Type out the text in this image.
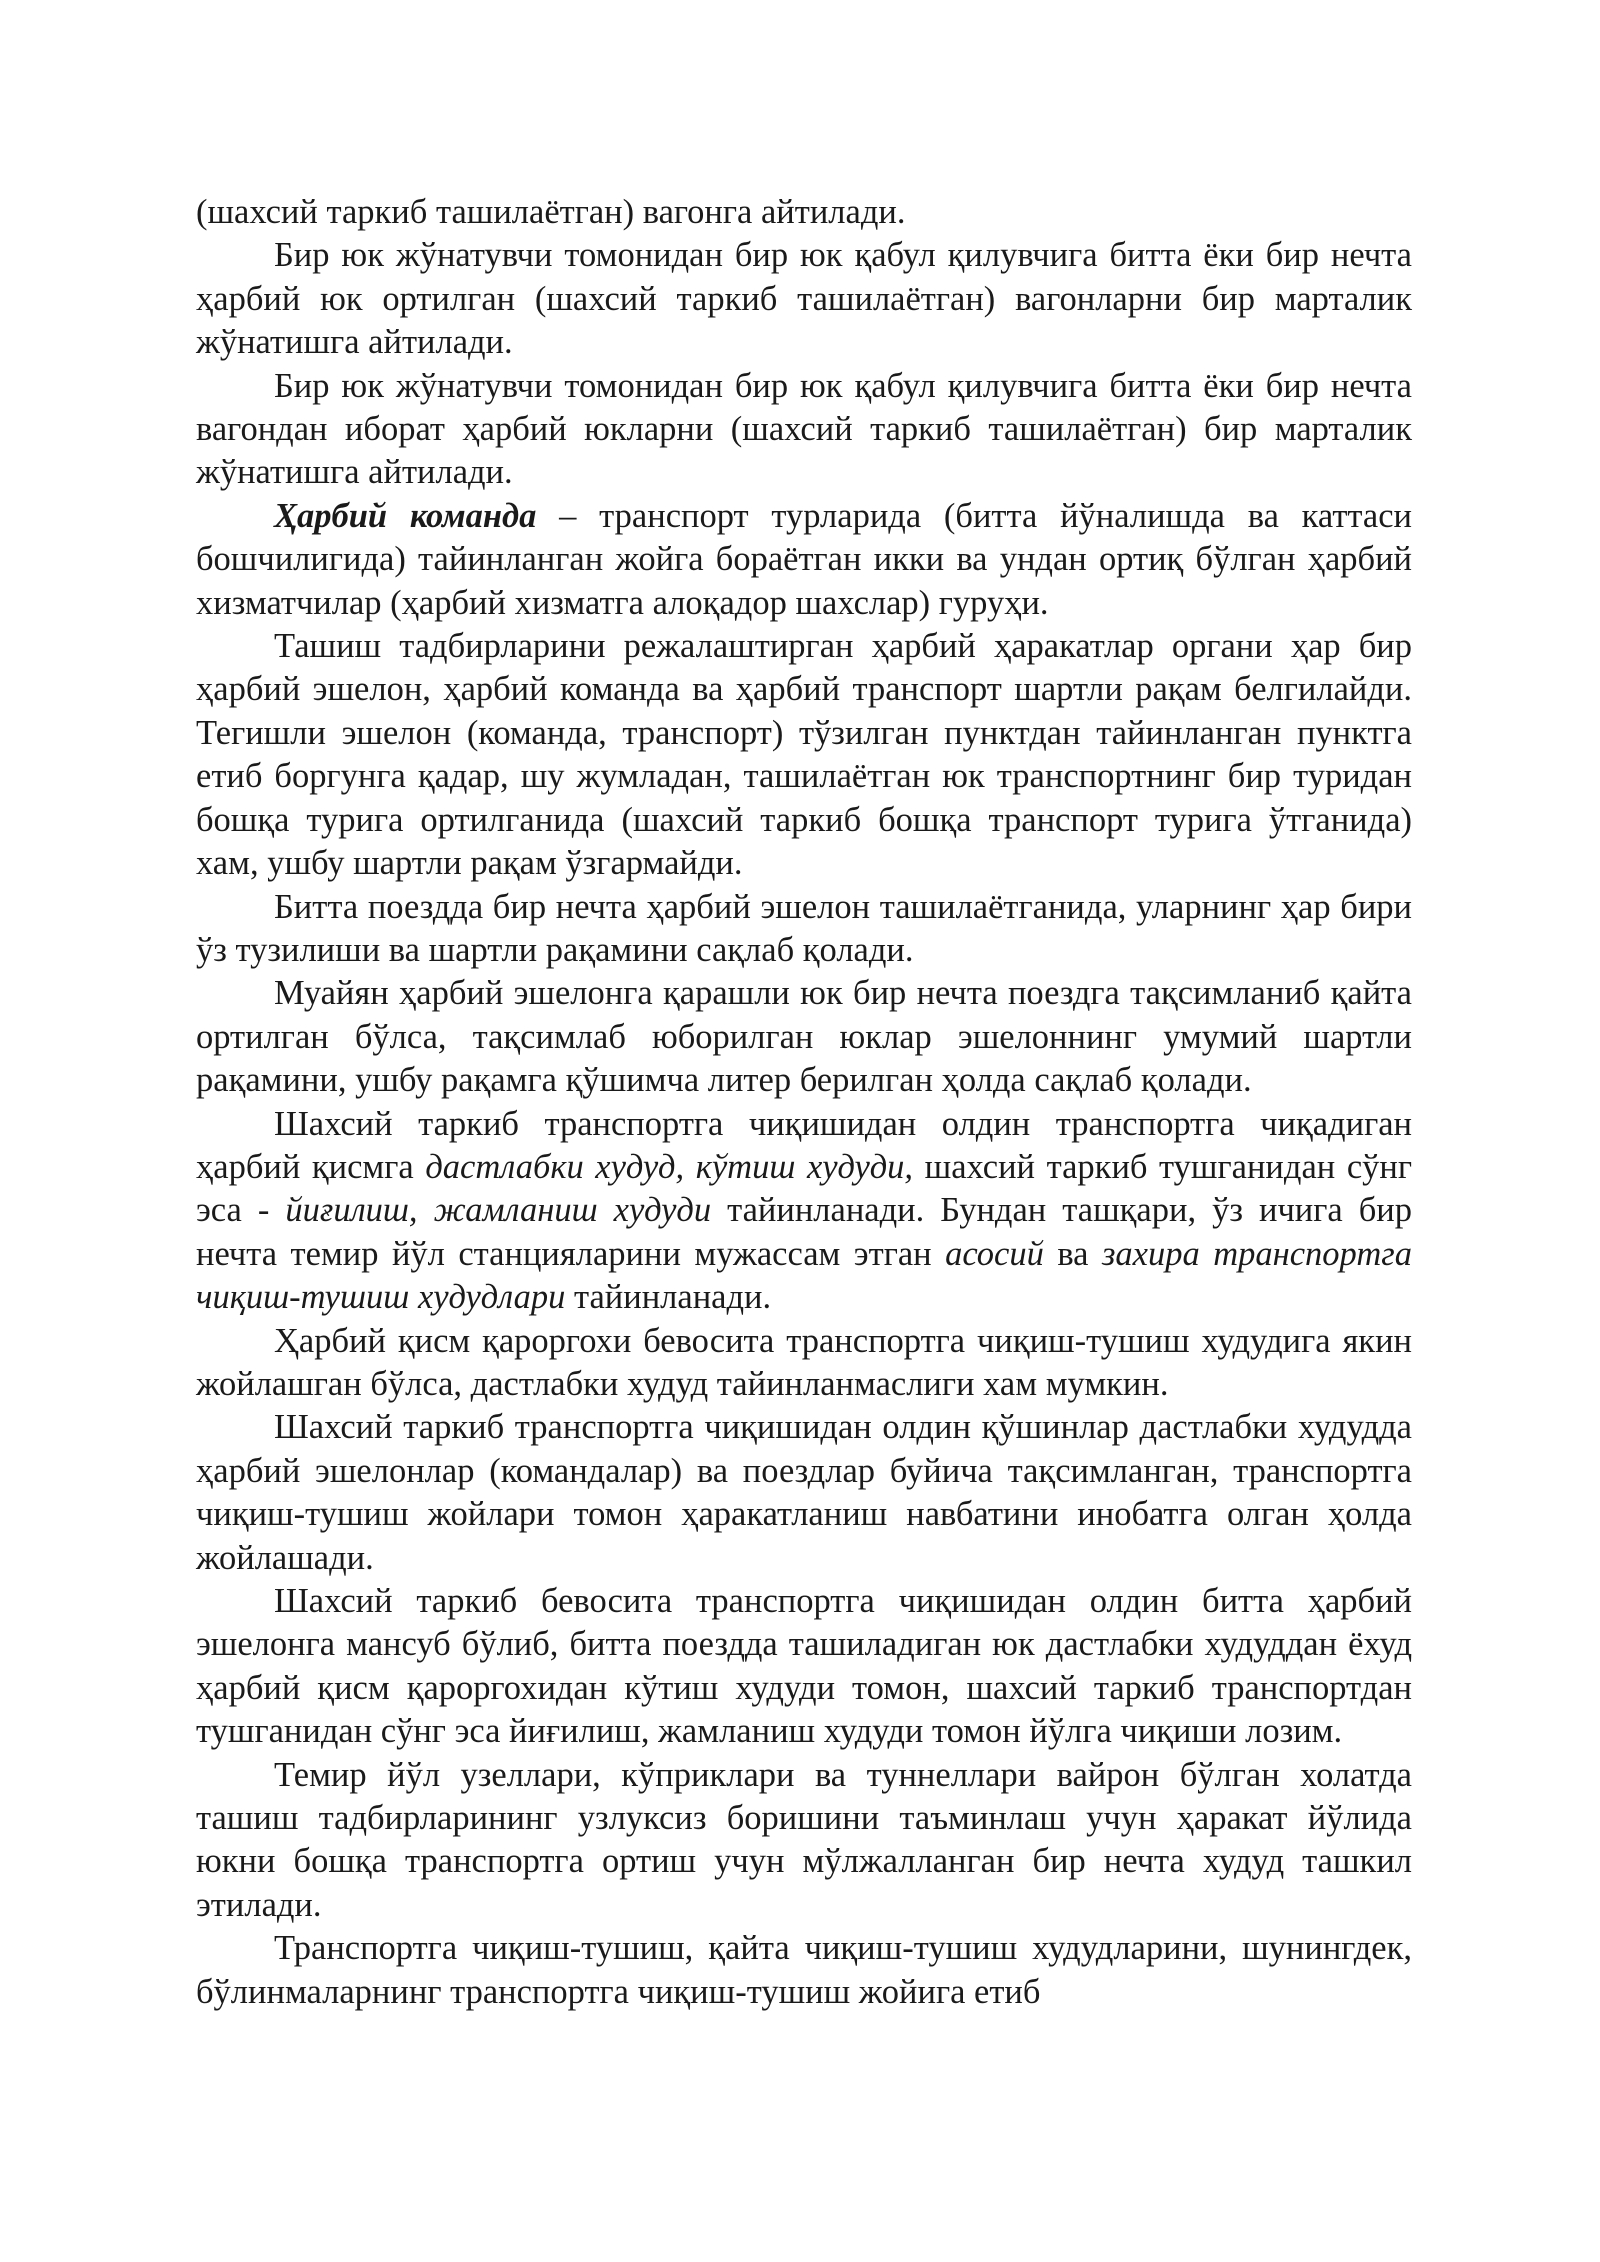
(шахсий таркиб ташилаётган) вагонга айтилади.

Бир юк жўнатувчи томонидан бир юк қабул қилувчига битта ёки бир нечта ҳарбий юк ортилган (шахсий таркиб ташилаётган) вагонларни бир марталик жўнатишга айтилади.

Бир юк жўнатувчи томонидан бир юк қабул қилувчига битта ёки бир нечта вагондан иборат ҳарбий юкларни (шахсий таркиб ташилаётган) бир марталик жўнатишга айтилади.

Ҳарбий команда – транспорт турларида (битта йўналишда ва каттаси бошчилигида) тайинланган жойга бораётган икки ва ундан ортиқ бўлган ҳарбий хизматчилар (ҳарбий хизматга алоқадор шахслар) гуруҳи.

Ташиш тадбирларини режалаштирган ҳарбий ҳаракатлар органи ҳар бир ҳарбий эшелон, ҳарбий команда ва ҳарбий транспорт шартли рақам белгилайди. Тегишли эшелон (команда, транспорт) тўзилган пунктдан тайинланган пунктга етиб боргунга қадар, шу жумладан, ташилаётган юк транспортнинг бир туридан бошқа турига ортилганида (шахсий таркиб бошқа транспорт турига ўтганида) хам, ушбу шартли рақам ўзгармайди.

Битта поездда бир нечта ҳарбий эшелон ташилаётганида, уларнинг ҳар бири ўз тузилиши ва шартли рақамини сақлаб қолади.

Муайян ҳарбий эшелонга қарашли юк бир нечта поездга тақсимланиб қайта ортилган бўлса, тақсимлаб юборилган юклар эшелоннинг умумий шартли рақамини, ушбу рақамга қўшимча литер берилган ҳолда сақлаб қолади.

Шахсий таркиб транспортга чиқишидан олдин транспортга чиқадиган ҳарбий қисмга дастлабки худуд, кўтиш худуди, шахсий таркиб тушганидан сўнг эса - йиғилиш, жамланиш худуди тайинланади. Бундан ташқари, ўз ичига бир нечта темир йўл станцияларини мужассам этган асосий ва захира транспортга чиқиш-тушиш худудлари тайинланади.

Ҳарбий қисм қароргохи бевосита транспортга чиқиш-тушиш худудига якин жойлашган бўлса, дастлабки худуд тайинланмаслиги хам мумкин.

Шахсий таркиб транспортга чиқишидан олдин қўшинлар дастлабки худудда ҳарбий эшелонлар (командалар) ва поездлар буйича тақсимланган, транспортга чиқиш-тушиш жойлари томон ҳаракатланиш навбатини инобатга олган ҳолда жойлашади.

Шахсий таркиб бевосита транспортга чиқишидан олдин битта ҳарбий эшелонга мансуб бўлиб, битта поездда ташиладиган юк дастлабки худуддан ёхуд ҳарбий қисм қароргохидан кўтиш худуди томон, шахсий таркиб транспортдан тушганидан сўнг эса йиғилиш, жамланиш худуди томон йўлга чиқиши лозим.

Темир йўл узеллари, кўприклари ва туннеллари вайрон бўлган холатда ташиш тадбирларининг узлуксиз боришини таъминлаш учун ҳаракат йўлида юкни бошқа транспортга ортиш учун мўлжалланган бир нечта худуд ташкил этилади.

Транспортга чиқиш-тушиш, қайта чиқиш-тушиш худудларини, шунингдек, бўлинмаларнинг транспортга чиқиш-тушиш жойига етиб
